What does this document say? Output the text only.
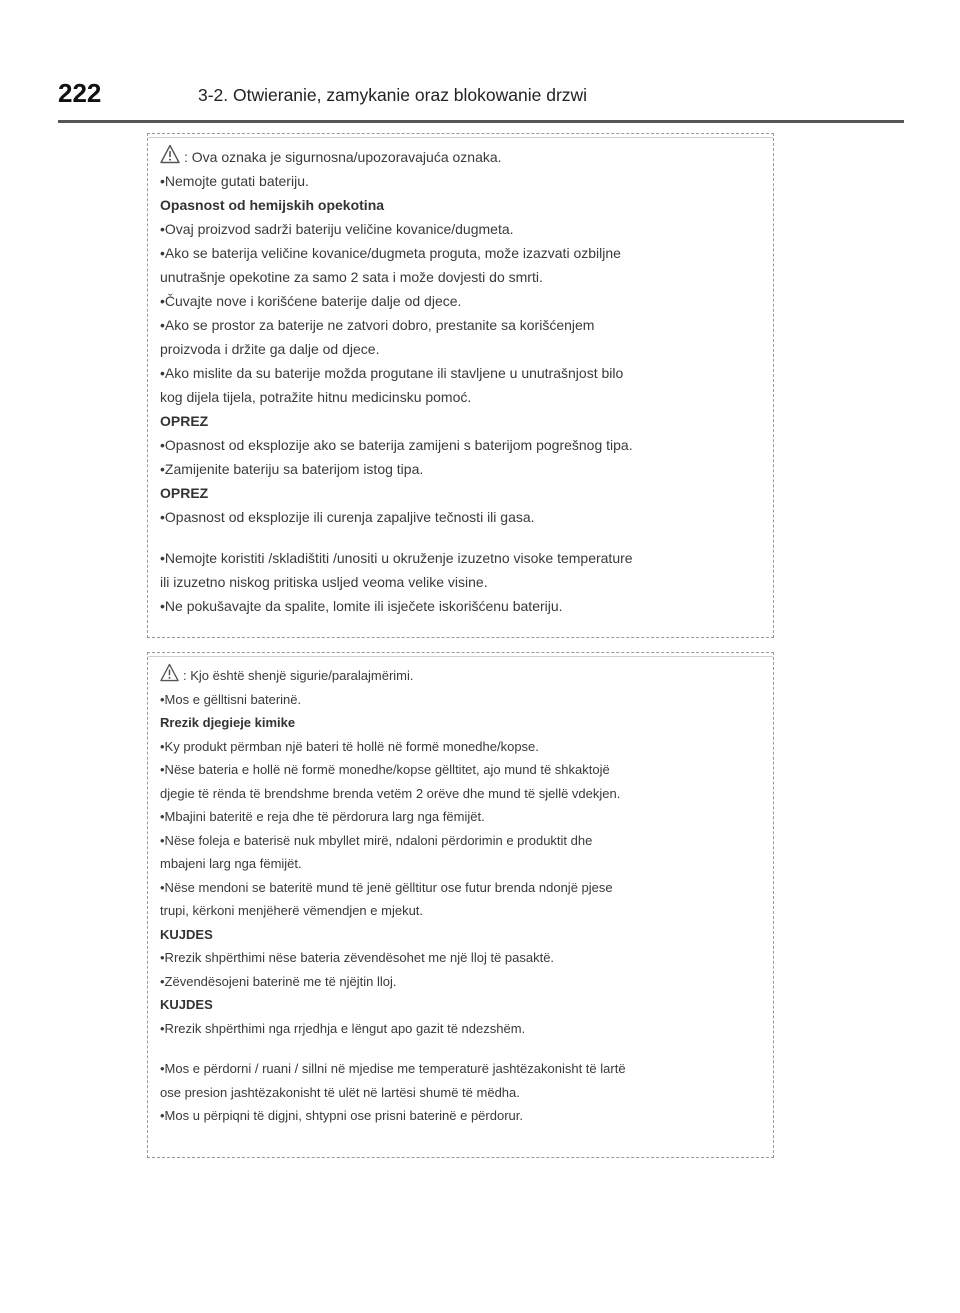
222	3-2. Otwieranie, zamykanie oraz blokowanie drzwi
: Ova oznaka je sigurnosna/upozoravajuća oznaka.
•Nemojte gutati bateriju.
Opasnost od hemijskih opekotina
•Ovaj proizvod sadrži bateriju veličine kovanice/dugmeta.
•Ako se baterija veličine kovanice/dugmeta proguta, može izazvati ozbiljne
unutrašnje opekotine za samo 2 sata i može dovjesti do smrti.
•Čuvajte nove i korišćene baterije dalje od djece.
•Ako se prostor za baterije ne zatvori dobro, prestanite sa korišćenjem
proizvoda i držite ga dalje od djece.
•Ako mislite da su baterije možda progutane ili stavljene u unutrašnjost bilo
kog dijela tijela, potražite hitnu medicinsku pomoć.
OPREZ
•Opasnost od eksplozije ako se baterija zamijeni s baterijom pogrešnog tipa.
•Zamijenite bateriju sa baterijom istog tipa.
OPREZ
•Opasnost od eksplozije ili curenja zapaljive tečnosti ili gasa.
•Nemojte koristiti /skladištiti /unositi u okruženje izuzetno visoke temperature
ili izuzetno niskog pritiska usljed veoma velike visine.
•Ne pokušavajte da spalite, lomite ili isječete iskorišćenu bateriju.
: Kjo është shenjë sigurie/paralajmërimi.
•Mos e gëlltisni baterinë.
Rrezik djegieje kimike
•Ky produkt përmban një bateri të hollë në formë monedhe/kopse.
•Nëse bateria e hollë në formë monedhe/kopse gëlltitet, ajo mund të shkaktojë
djegie të rënda të brendshme brenda vetëm 2 orëve dhe mund të sjellë vdekjen.
•Mbajini bateritë e reja dhe të përdorura larg nga fëmijët.
•Nëse foleja e baterisë nuk mbyllet mirë, ndaloni përdorimin e produktit dhe
mbajeni larg nga fëmijët.
•Nëse mendoni se bateritë mund të jenë gëlltitur ose futur brenda ndonjë pjese
trupi, kërkoni menjëherë vëmendjen e mjekut.
KUJDES
•Rrezik shpërthimi nëse bateria zëvendësohet me një lloj të pasaktë.
•Zëvendësojeni baterinë me të njëjtin lloj.
KUJDES
•Rrezik shpërthimi nga rrjedhja e lëngut apo gazit të ndezshëm.
•Mos e përdorni / ruani / sillni në mjedise me temperaturë jashtëzakonisht të lartë
ose presion jashtëzakonisht të ulët në lartësi shumë të mëdha.
•Mos u përpiqni të digjni, shtypni ose prisni baterinë e përdorur.
